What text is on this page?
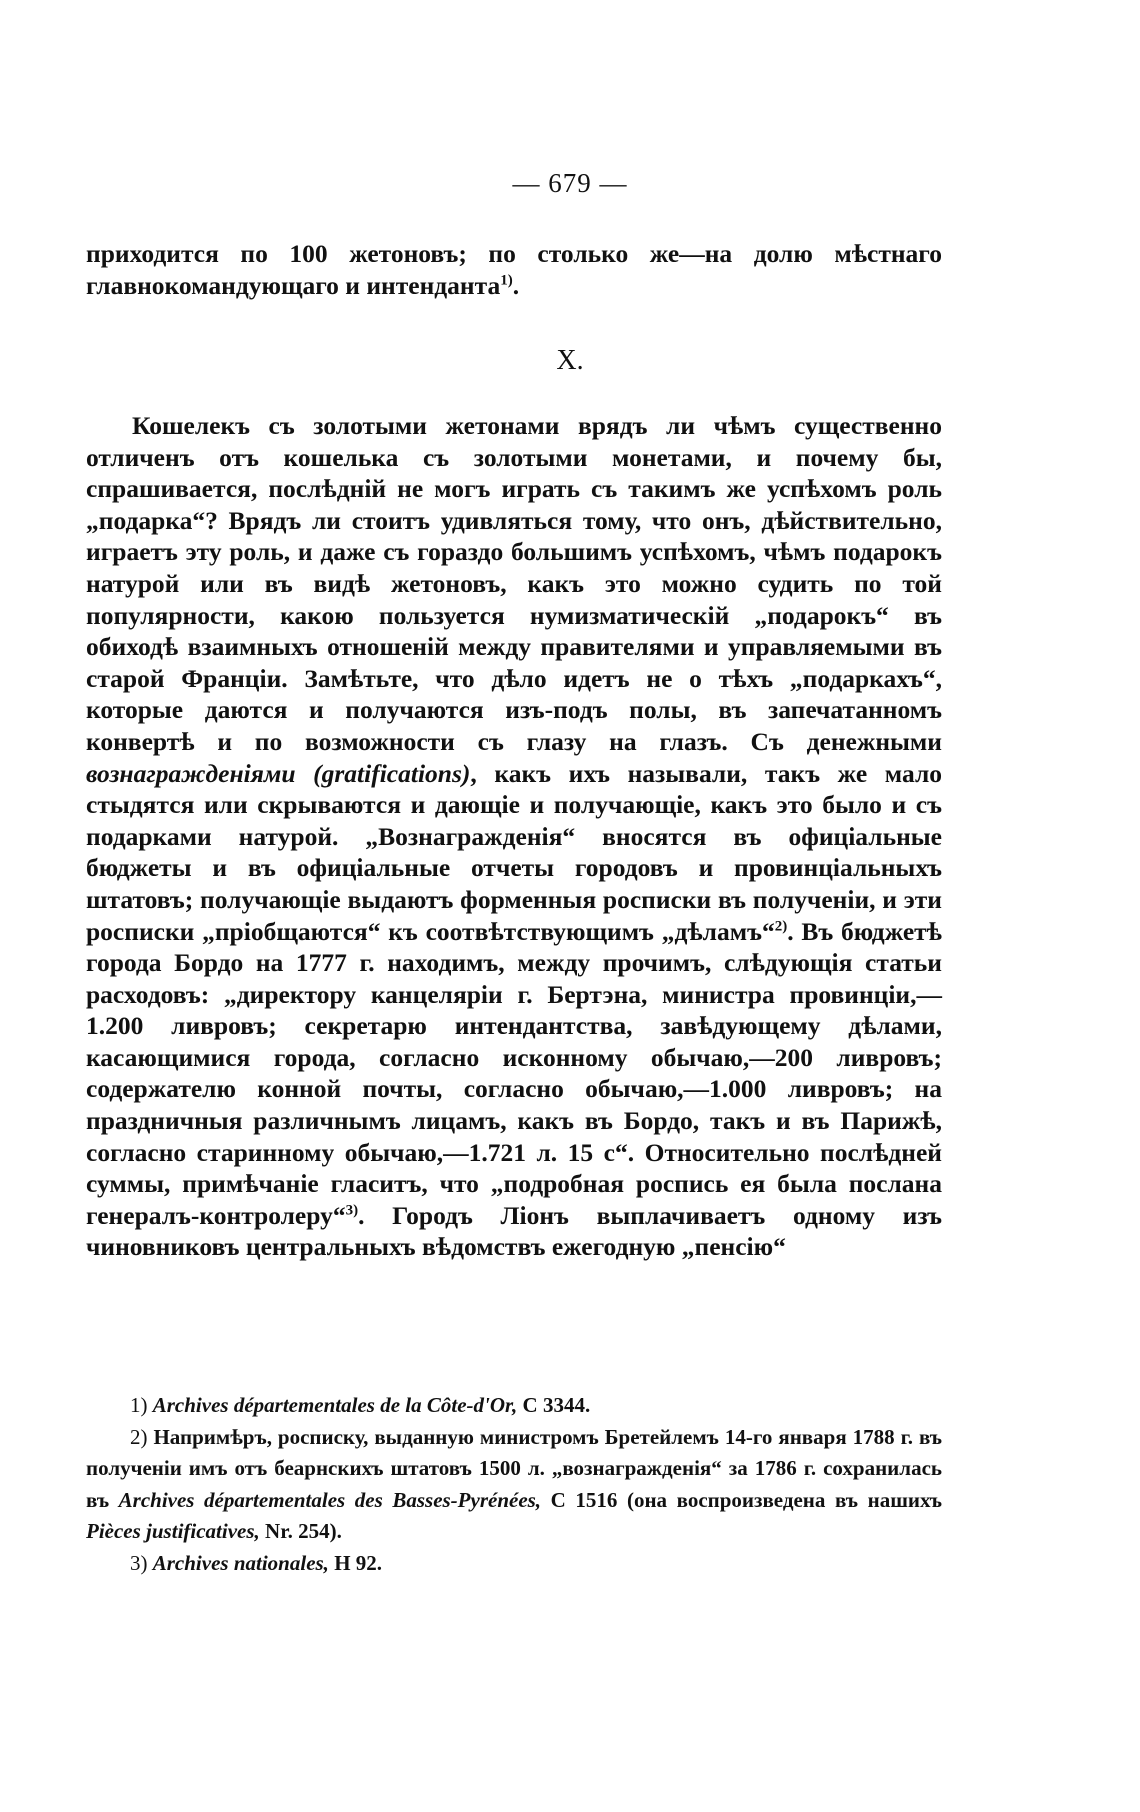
— 679 —

приходится по 100 жетоновъ; по столько же—на долю мѣстнаго главнокомандующаго и интенданта$^{1)}$.

X.

Кошелекъ съ золотыми жетонами врядъ ли чѣмъ существенно отличенъ отъ кошелька съ золотыми монетами, и почему бы, спрашивается, послѣдній не могъ играть съ такимъ же успѣхомъ роль „подарка“? Врядъ ли стоитъ удивляться тому, что онъ, дѣйствительно, играетъ эту роль, и даже съ гораздо большимъ успѣхомъ, чѣмъ подарокъ натурой или въ видѣ жетоновъ, какъ это можно судить по той популярности, какою пользуется нумизматическій „подарокъ“ въ обиходѣ взаимныхъ отношеній между правителями и управляемыми въ старой Франціи. Замѣтьте, что дѣло идетъ не о тѣхъ „подаркахъ“, которые даются и получаются изъ-подъ полы, въ запечатанномъ конвертѣ и по возможности съ глазу на глазъ. Съ денежными вознагражденіями (gratifications), какъ ихъ называли, такъ же мало стыдятся или скрываются и дающіе и получающіе, какъ это было и съ подарками натурой. „Вознагражденія“ вносятся въ офиціальные бюджеты и въ офиціальные отчеты городовъ и провинціальныхъ штатовъ; получающіе выдаютъ форменныя росписки въ полученіи, и эти росписки „пріобщаются“ къ соотвѣтствующимъ „дѣламъ“$^{2)}$. Въ бюджетѣ города Бордо на 1777 г. находимъ, между прочимъ, слѣдующія статьи расходовъ: „директору канцеляріи г. Бертэна, министра провинціи,—1.200 ливровъ; секретарю интендантства, завѣдующему дѣлами, касающимися города, согласно исконному обычаю,—200 ливровъ; содержателю конной почты, согласно обычаю,—1.000 ливровъ; на праздничныя различнымъ лицамъ, какъ въ Бордо, такъ и въ Парижѣ, согласно старинному обычаю,—1.721 л. 15 с“. Относительно послѣдней суммы, примѣчаніе гласитъ, что „подробная роспись ея была послана генералъ-контролеру“$^{3)}$. Городъ Ліонъ выплачиваетъ одному изъ чиновниковъ центральныхъ вѣдомствъ ежегодную „пенсію“

1) Archives départementales de la Côte-d'Or, C 3344.

2) Напримѣръ, росписку, выданную министромъ Бретейлемъ 14-го января 1788 г. въ полученіи имъ отъ беарнскихъ штатовъ 1500 л. „вознагражденія“ за 1786 г. сохранилась въ Archives départementales des Basses-Pyrénées, C 1516 (она воспроизведена въ нашихъ Pièces justificatives, Nr. 254).

3) Archives nationales, H 92.
